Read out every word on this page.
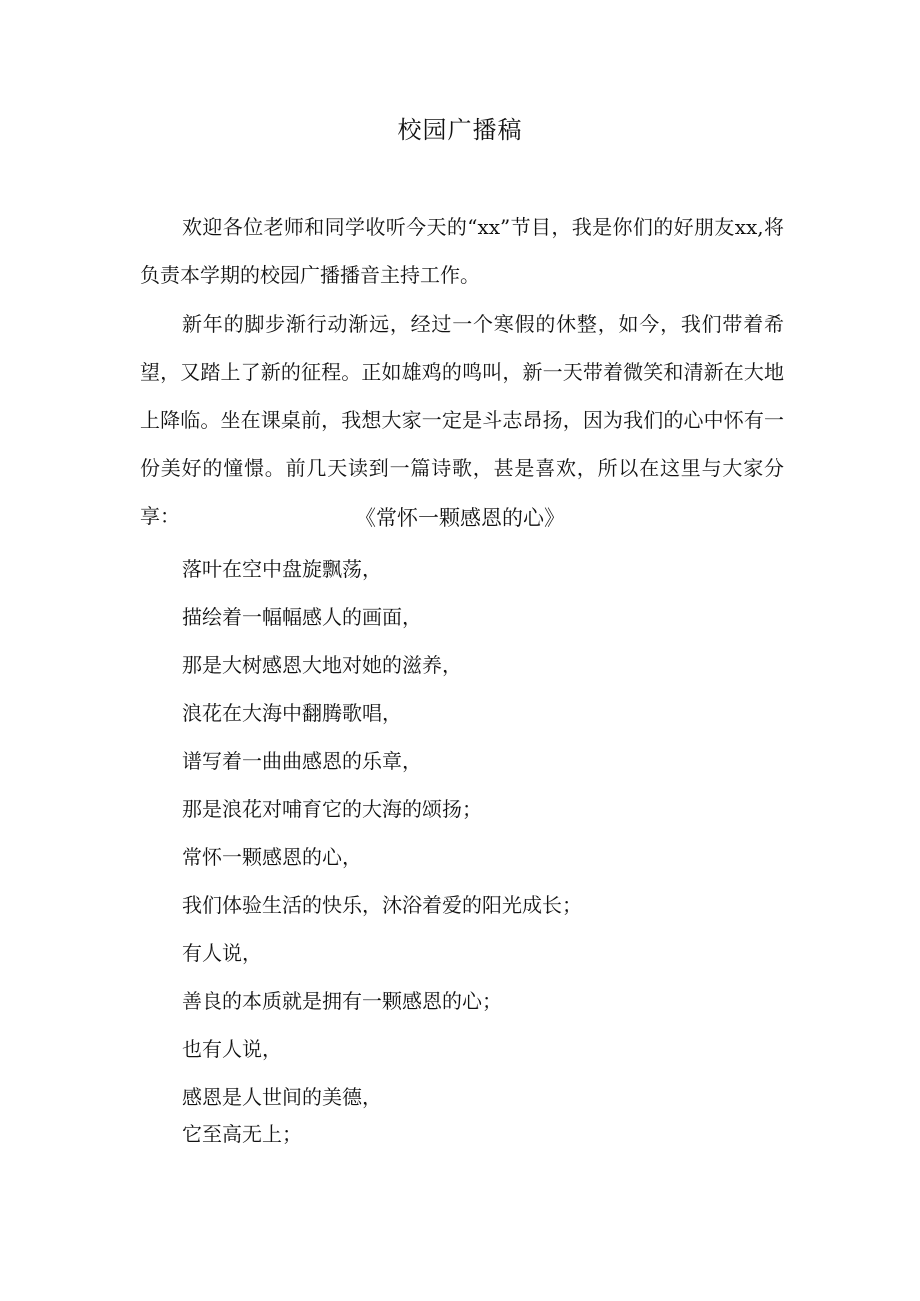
校园广播稿

欢迎各位老师和同学收听今天的“xx”节目，我是你们的好朋友xx,将负责本学期的校园广播播音主持工作。

新年的脚步渐行动渐远，经过一个寒假的休整，如今，我们带着希望，又踏上了新的征程。正如雄鸡的鸣叫，新一天带着微笑和清新在大地上降临。坐在课桌前，我想大家一定是斗志昂扬，因为我们的心中怀有一份美好的憧憬。前几天读到一篇诗歌，甚是喜欢，所以在这里与大家分享：	《常怀一颗感恩的心》
落叶在空中盘旋飘荡，
描绘着一幅幅感人的画面，
那是大树感恩大地对她的滋养，
浪花在大海中翻腾歌唱，
谱写着一曲曲感恩的乐章，
那是浪花对哺育它的大海的颂扬；
常怀一颗感恩的心，
我们体验生活的快乐，沐浴着爱的阳光成长；
有人说，
善良的本质就是拥有一颗感恩的心；
也有人说，
感恩是人世间的美德，
它至高无上；
